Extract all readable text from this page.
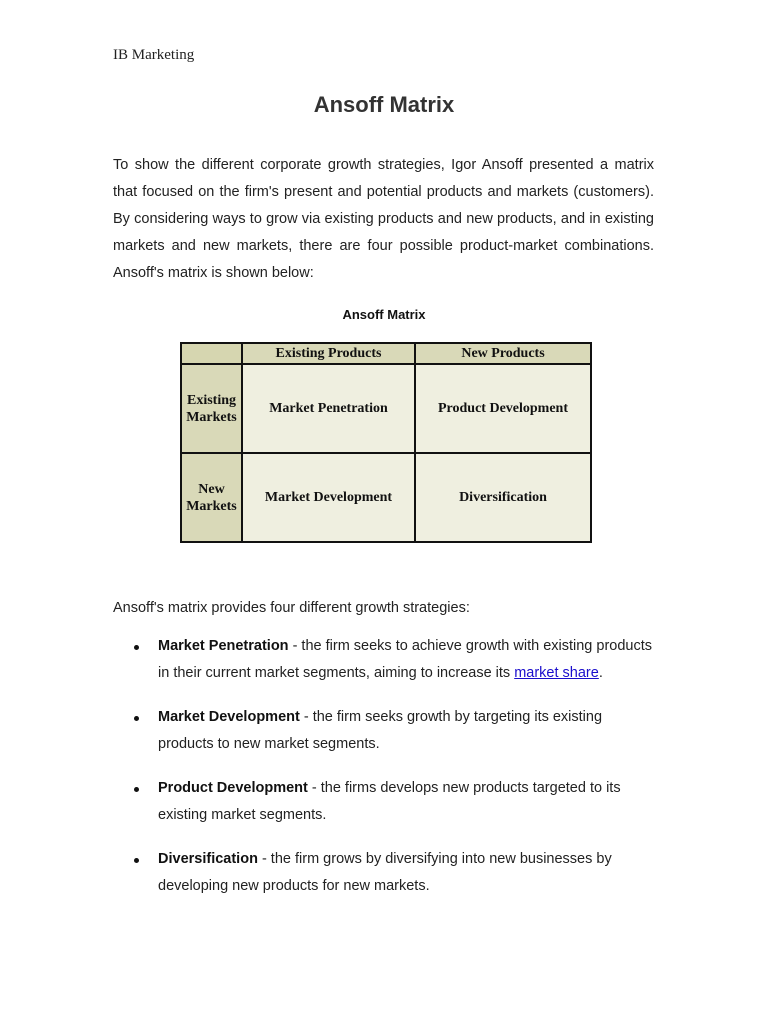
IB Marketing
Ansoff Matrix

To show the different corporate growth strategies, Igor Ansoff presented a matrix that focused on the firm's present and potential products and markets (customers). By considering ways to grow via existing products and new products, and in existing markets and new markets, there are four possible product-market combinations. Ansoff's matrix is shown below:

Ansoff Matrix
	Existing Products	New Products
Existing
Markets	Market Penetration	Product Development
New
Markets	Market Development	Diversification
Ansoff's matrix provides four different growth strategies:
Market Penetration - the firm seeks to achieve growth with existing products in their current market segments, aiming to increase its market share.
Market Development - the firm seeks growth by targeting its existing products to new market segments.
Product Development - the firms develops new products targeted to its existing market segments.
Diversification - the firm grows by diversifying into new businesses by developing new products for new markets.
